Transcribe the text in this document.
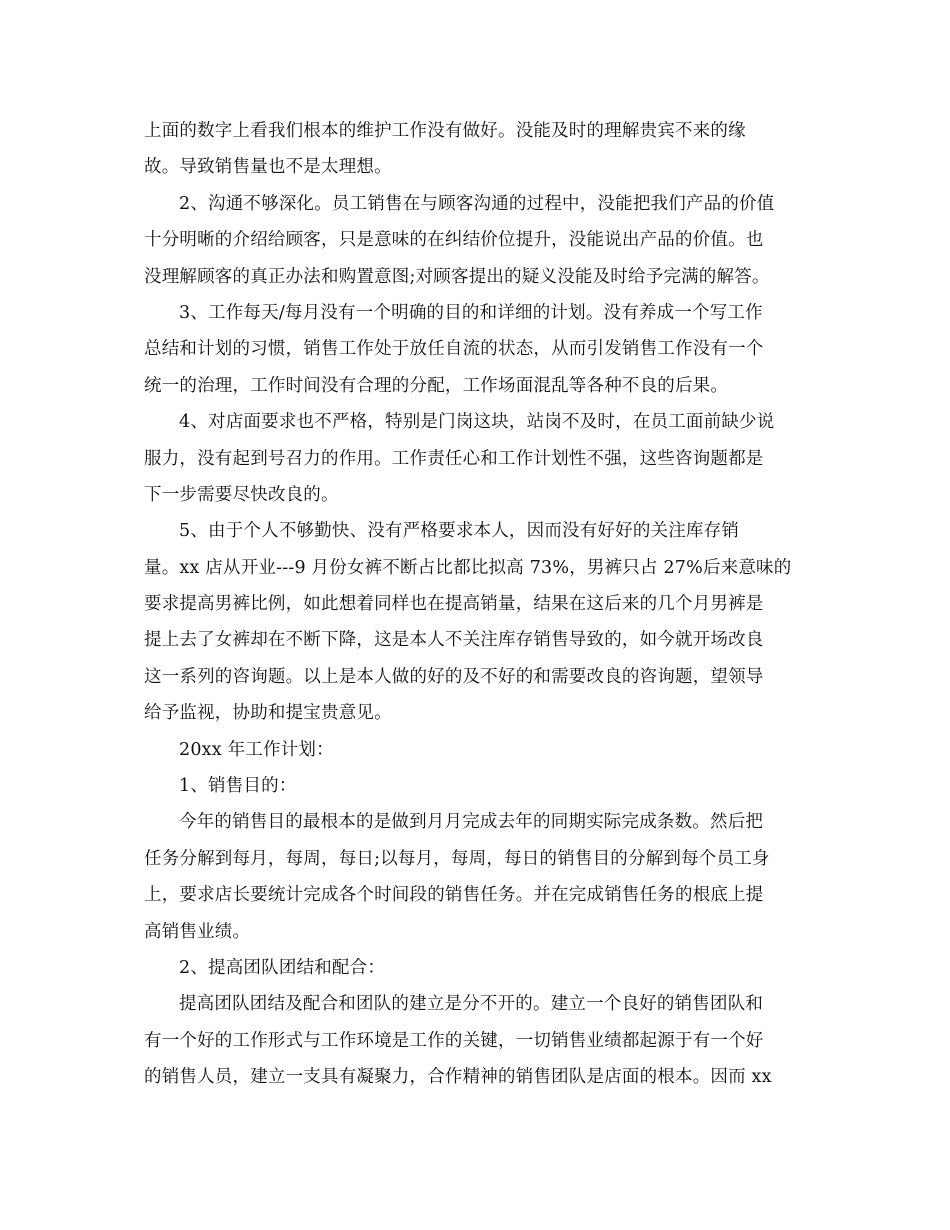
上面的数字上看我们根本的维护工作没有做好。没能及时的理解贵宾不来的缘
故。导致销售量也不是太理想。
2、沟通不够深化。员工销售在与顾客沟通的过程中，没能把我们产品的价值
十分明晰的介绍给顾客，只是意味的在纠结价位提升，没能说出产品的价值。也
没理解顾客的真正办法和购置意图;对顾客提出的疑义没能及时给予完满的解答。
3、工作每天/每月没有一个明确的目的和详细的计划。没有养成一个写工作
总结和计划的习惯，销售工作处于放任自流的状态，从而引发销售工作没有一个
统一的治理，工作时间没有合理的分配，工作场面混乱等各种不良的后果。
4、对店面要求也不严格，特别是门岗这块，站岗不及时，在员工面前缺少说
服力，没有起到号召力的作用。工作责任心和工作计划性不强，这些咨询题都是
下一步需要尽快改良的。
5、由于个人不够勤快、没有严格要求本人，因而没有好好的关注库存销
量。xx 店从开业---9 月份女裤不断占比都比拟高 73%，男裤只占 27%后来意味的
要求提高男裤比例，如此想着同样也在提高销量，结果在这后来的几个月男裤是
提上去了女裤却在不断下降，这是本人不关注库存销售导致的，如今就开场改良
这一系列的咨询题。以上是本人做的好的及不好的和需要改良的咨询题，望领导
给予监视，协助和提宝贵意见。
20xx 年工作计划：
1、销售目的：
今年的销售目的最根本的是做到月月完成去年的同期实际完成条数。然后把
任务分解到每月，每周，每日;以每月，每周，每日的销售目的分解到每个员工身
上，要求店长要统计完成各个时间段的销售任务。并在完成销售任务的根底上提
高销售业绩。
2、提高团队团结和配合：
提高团队团结及配合和团队的建立是分不开的。建立一个良好的销售团队和
有一个好的工作形式与工作环境是工作的关键，一切销售业绩都起源于有一个好
的销售人员，建立一支具有凝聚力，合作精神的销售团队是店面的根本。因而 xx
